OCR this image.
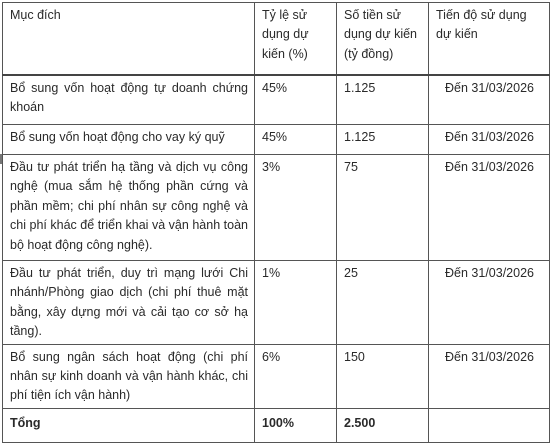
Mục đích	Tỷ lệ sử dụng dự kiến (%)	Số tiền sử dụng dự kiến (tỷ đồng)	Tiến độ sử dụng dự kiến
Bổ sung vốn hoạt động tự doanh chứng khoán	45%	1.125	Đến 31/03/2026
Bổ sung vốn hoạt động cho vay ký quỹ	45%	1.125	Đến 31/03/2026
Đầu tư phát triển hạ tầng và dịch vụ công nghệ (mua sắm hệ thống phần cứng và phần mềm; chi phí nhân sự công nghệ và chi phí khác để triển khai và vận hành toàn bộ hoạt động công nghệ).	3%	75	Đến 31/03/2026
Đầu tư phát triển, duy trì mạng lưới Chi nhánh/Phòng giao dịch (chi phí thuê mặt bằng, xây dựng mới và cải tạo cơ sở hạ tầng).	1%	25	Đến 31/03/2026
Bổ sung ngân sách hoạt động (chi phí nhân sự kinh doanh và vận hành khác, chi phí tiện ích vận hành)	6%	150	Đến 31/03/2026
Tổng	100%	2.500	
